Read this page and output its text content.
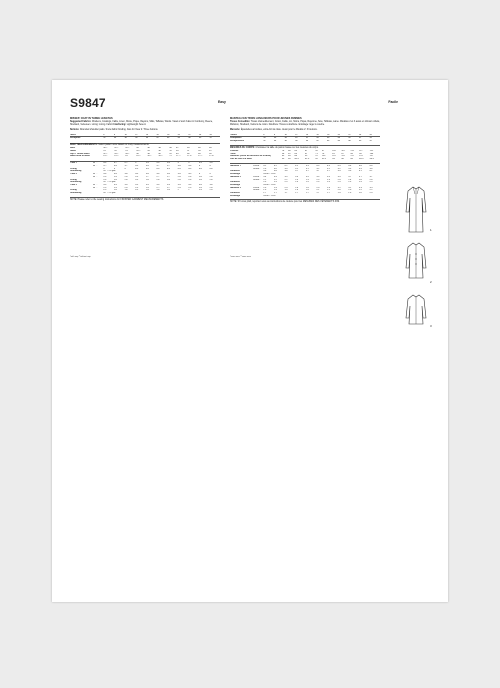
S9847	Easy	Facile
MISSES' COAT IN THREE LENGTHS
Suggested Fabrics: Woolens, Coatings, Faille, Linen, Moire, Pique, Rayons, Silks, Taffetas, Wools. Views 2 and 3 also in Corduroy, Fleece, Shetland, Velveteen. Lining: Lining. Fabric Interfacing: Lightweight Sew-in
Notions: Rounded shoulder pads. Snow fabric binding. Also for View 2: Three buttons.
Sizes		6	8	10	12	14	16	18	20	22	24	26
European		32	34	36	38	40	42	44	46	48	50	52
BODY MEASUREMENTS: Select pattern size based on body measurements.
Bust		30½	31½	32½	34	36	38	40	42	44	46	48
Waist		23	24	25	26½	28	30	32	34	37	39	41
Hip 9" below waist		32½	33½	34½	36	38	40	42	44	46	48	50
Back-neck to waist		15½	15¾	16	16¼	16½	16¾	17	17¼	17⅜	17½	17⅝
Coat 1	45"**	4⅝	4¾	4¾	5	5⅛	5⅛	5⅜	5	5	5⅛	5⅛
	60"**	3¼	3⅜	3½	3⅜	3⅜	3½	3½	3⅝	3⅝	4	4
Lining		4	4	4	4⅛	4⅛	4⅛	4⅛	4⅜	4⅜	4⅝	4⅝
Interfacing		20" - 1⅛ yds.										
Coat 2	45"**	3⅝	3⅝	3⅝	3⅝	3⅝	3⅞	3⅞	3⅞	3⅞	4	4
	60"**	2⅜	2⅜	2⅜	2⅜	2½	2½	2½	2⅝	2⅝	2⅞	2⅞
Lining		2⅝	2⅝	2⅝	2⅝	2⅝	2⅝	2⅝	2⅝	2⅝	2⅝	2⅝
Interfacing		20" - 1⅛ yds.										
Coat 3	45"**	3⅛	3⅛	3⅛	3⅛	3⅛	3⅛	3⅛	3⅜	3⅜	3⅝	3⅝
	60"**	2⅛	2⅛	2⅛	2⅛	2⅛	2¼	2¼	2⅛	2⅛	2⅜	2⅜
Lining		1⅞	1⅞	1⅞	1⅞	1⅞	1⅞	1⅞	2	2	2⅛	2⅛
Interfacing		20" - 1⅛ yds.										
NOTE: Please refer to the sewing instructions for FINISHED GARMENT MEASUREMENTS.
*with nap **without nap
MANTEAU EN TROIS LONGUEURS POUR JEUNES FEMMES
Tissus Conseillés: Tissus d'ameublement, Coton, Faille, Lin, Moiré, Piqué, Rayonne, Soie, Taffetas, Laine. Modèles 2 et 3 aussi en Velours côtelé, Molleton, Shetland, Velours de coton. Doublure: Tissus à doublure. Entoilage: léger à coudre.
Mercerie: Épaulettes arrondies, extra-fort de tissu. Aussi pour le Modèle 2: 3 boutons.
Tailles		6	8	10	12	14	16	18	20	22	24	26
Françaises		34	36	38	40	42	44	46	48	50	52	54
Européennes		32	34	36	38	40	42	44	46	48	50	52
MESURES DU CORPS: Choisissez la taille du patron basée sur les mesures du corps.
Poitrine		78	80	83	87	92	97	102	107	112	117	122
Taille		58	61	64	67	71	76	81	87	94	99	104
Hanches (23cm au-dessous de la taille)		83	85	88	92	97	102	107	112	117	122	127
Dos de cou à la taille		39	40	40.5	41.5	42	42.5	43	44	44	44.5	44.5
Manteau 1	115cm**	4.2	4.2	4.2	4.2	4.3	4.5	4.5	4.5	4.6	4.6	4.6
	150cm**	2.9	3.0	3.0	3.1	3.1	3.2	3.2	3.2	3.3	3.5	3.6
Doublure		3.6	3.6	3.6	3.7	3.7	3.7	3.7	3.9	3.9	4.1	4.1
Entoilage		51cm - 1.1m										
Manteau 2	115cm**	3.4	3.4	3.5	3.5	3.5	3.5	3.5	3.5	3.7	3.7	3.7
	150cm**	2.2	2.2	2.2	2.3	2.3	2.3	2.3	2.4	2.4	2.6	2.6
Doublure		2.5	2.5	2.5	2.5	2.5	2.5	2.5	2.5	2.5	2.5	2.5
Entoilage		51cm - 1.1m										
Manteau 3	115cm**	2.9	2.9	2.9	2.9	2.9	2.9	2.9	3.1	3.1	3.3	3.3
	150cm**	1.9	1.9	1.9	1.9	1.9	2.1	2.1	2.0	2.0	2.2	2.2
Doublure		1.7	1.7	1.7	1.7	1.7	1.7	1.7	1.9	1.9	2.0	2.0
Entoilage		51cm - 1.1m										
NOTE: S'il vous plaît, reportez-vous au instructions de couture pour les MESURES DES VÊTEMENTS FINI.
*avec sens **sans sens
1
2
3
